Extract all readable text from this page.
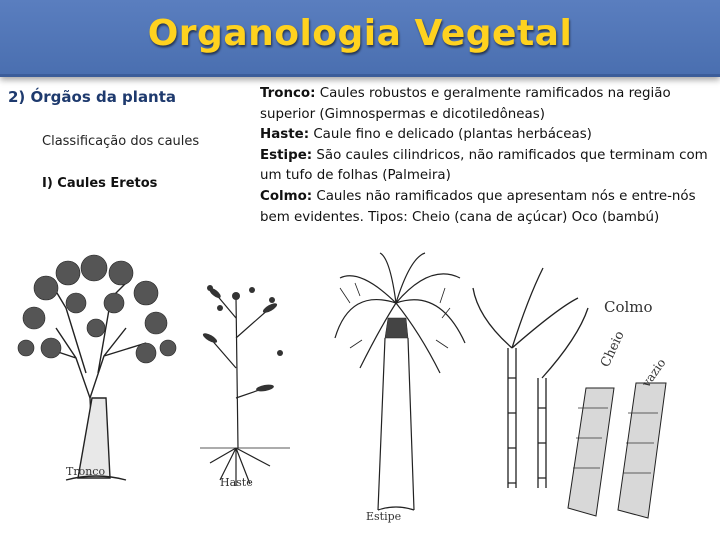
Organologia Vegetal
2) Órgãos da planta
Classificação dos caules
I) Caules Eretos

Tronco: Caules robustos e geralmente ramificados na região superior (Gimnospermas e dicotiledôneas)

Haste: Caule fino e delicado (plantas herbáceas)

Estipe: São caules cilindricos, não ramificados que terminam com um tufo de folhas (Palmeira)

Colmo: Caules não ramificados que apresentam nós e entre-nós bem evidentes. Tipos: Cheio (cana de açúcar) Oco (bambú)

Tronco
Haste
Estipe
Colmo
Cheio
vazio
